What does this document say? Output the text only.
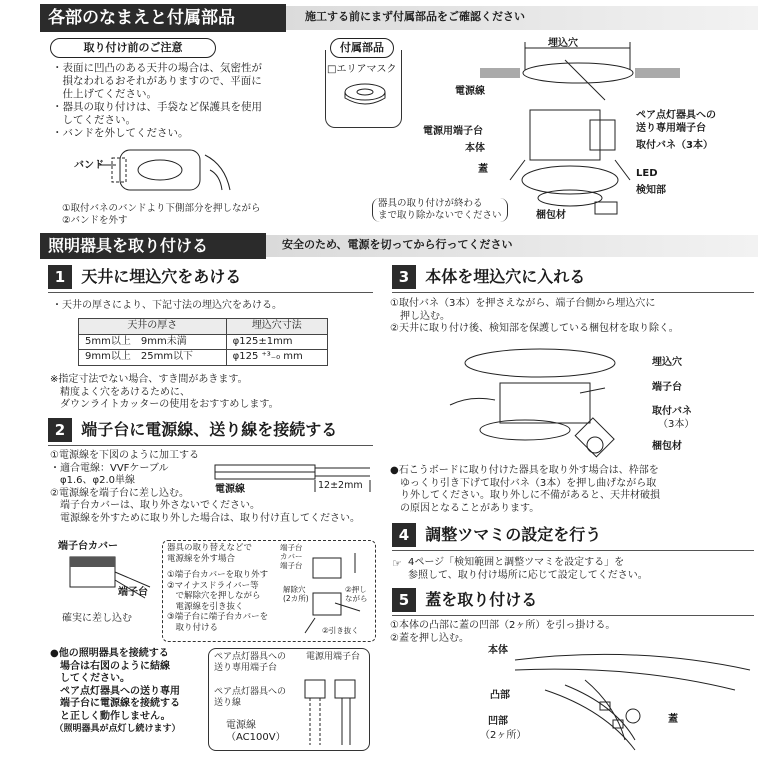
各部のなまえと付属部品	施工する前にまず付属部品をご確認ください
取り付け前のご注意
・表面に凹凸のある天井の場合は、気密性が
　損なわれるおそれがありますので、平面に
　仕上げてください。
・器具の取り付けは、手袋など保護具を使用
　してください。
・バンドを外してください。
バンド
①取付バネのバンドより下側部分を押しながら
②バンドを外す
付属部品
□エリアマスク
埋込穴
電源線
ペア点灯器具への
送り専用端子台
電源用端子台
本体	取付バネ（3本）
蓋	LED
検知部
梱包材
器具の取り付けが終わる
まで取り除かないでください
照明器具を取り付ける	安全のため、電源を切ってから行ってください
1 天井に埋込穴をあける
・天井の厚さにより、下記寸法の埋込穴をあける。
天井の厚さ	埋込穴寸法
5mm以上　9mm未満	φ125±1mm
9mm以上　25mm以下	φ125 ⁺³₋₀ mm
※指定寸法でない場合、すき間があきます。
　精度よく穴をあけるために、
　ダウンライトカッターの使用をおすすめします。
2 端子台に電源線、送り線を接続する
①電源線を下図のように加工する
・適合電線：VVFケーブル
　φ1.6、φ2.0単線
②電源線を端子台に差し込む。
　端子台カバーは、取り外さないでください。
　電源線を外すために取り外した場合は、取り付け直してください。
電源線	12±2mm
端子台カバー
端子台
確実に差し込む
器具の取り替えなどで
電源線を外す場合
①端子台カバーを取り外す
②マイナスドライバー等
　で解除穴を押しながら
　電源線を引き抜く
③端子台に端子台カバーを
　取り付ける
端子台
カバー
端子台
解除穴
(2カ所)
②押し
ながら
②引き抜く
●他の照明器具を接続する
　場合は右図のように結線
　してください。
　ペア点灯器具への送り専用
　端子台に電源線を接続する
　と正しく動作しません。
　（照明器具が点灯し続けます）
ペア点灯器具への
送り専用端子台
電源用端子台
ペア点灯器具への
送り線
電源線
（AC100V）
3 本体を埋込穴に入れる
①取付バネ（3本）を押さえながら、端子台側から埋込穴に
　押し込む。
②天井に取り付け後、検知部を保護している梱包材を取り除く。
埋込穴
端子台
取付バネ
（3本）
梱包材
●石こうボードに取り付けた器具を取り外す場合は、枠部を
　ゆっくり引き下げて取付バネ（3本）を押し曲げながら取
　り外してください。取り外しに不備があると、天井材破損
　の原因となることがあります。
4 調整ツマミの設定を行う
☞ 4ページ「検知範囲と調整ツマミを設定する」を
参照して、取り付け場所に応じて設定してください。
5 蓋を取り付ける
①本体の凸部に蓋の凹部（2ヶ所）を引っ掛ける。
②蓋を押し込む。
本体
凸部
凹部
（2ヶ所）
蓋
